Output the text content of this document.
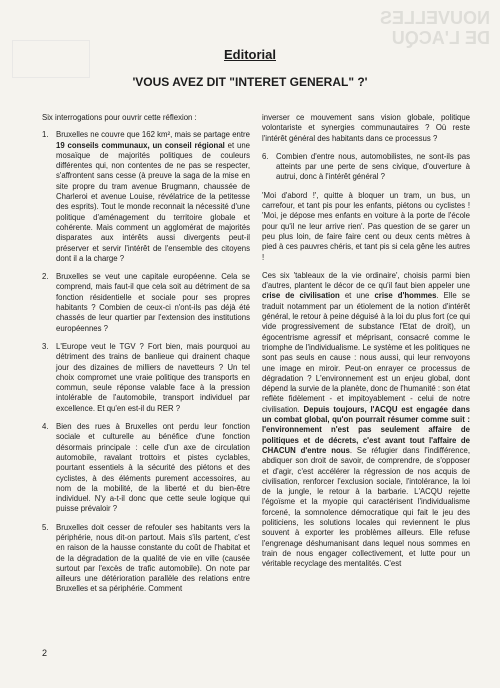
NOUVELLES
DE L'ACQU
Editorial
'VOUS AVEZ DIT "INTERET GENERAL" ?'

Six interrogations pour ouvrir cette réflexion :

1. Bruxelles ne couvre que 162 km², mais se partage entre 19 conseils communaux, un conseil régional et une mosaïque de majorités politiques de couleurs différentes qui, non contentes de ne pas se respecter, s'affrontent sans cesse (à preuve la saga de la mise en site propre du tram avenue Brugmann, chaussée de Charleroi et avenue Louise, révélatrice de la petitesse des esprits). Tout le monde reconnait la nécessité d'une politique d'aménagement du territoire globale et cohérente. Mais comment un agglomérat de majorités disparates aux intérêts aussi divergents peut-il préserver et servir l'intérêt de l'ensemble des citoyens dont il a la charge ?
2. Bruxelles se veut une capitale européenne. Cela se comprend, mais faut-il que cela soit au détriment de sa fonction résidentielle et sociale pour ses propres habitants ? Combien de ceux-ci n'ont-ils pas déjà été chassés de leur quartier par l'extension des institutions européennes ?
3. L'Europe veut le TGV ? Fort bien, mais pourquoi au détriment des trains de banlieue qui drainent chaque jour des dizaines de milliers de navetteurs ? Un tel choix compromet une vraie politique des transports en commun, seule réponse valable face à la pression intolérable de l'automobile, transport individuel par excellence. Et qu'en est-il du RER ?
4. Bien des rues à Bruxelles ont perdu leur fonction sociale et culturelle au bénéfice d'une fonction désormais principale : celle d'un axe de circulation automobile, ravalant trottoirs et pistes cyclables, pourtant essentiels à la sécurité des piétons et des cyclistes, à des éléments purement accessoires, au nom de la mobilité, de la liberté et du bien-être individuel. N'y a-t-il donc que cette seule logique qui puisse prévaloir ?
5. Bruxelles doit cesser de refouler ses habitants vers la périphérie, nous dit-on partout. Mais s'ils partent, c'est en raison de la hausse constante du coût de l'habitat et de la dégradation de la qualité de vie en ville (causée surtout par l'excès de trafic automobile). On note par ailleurs une détérioration parallèle des relations entre Bruxelles et sa périphérie. Comment

inverser ce mouvement sans vision globale, politique volontariste et synergies communautaires ? Où reste l'intérêt général des habitants dans ce processus ?

6. Combien d'entre nous, automobilistes, ne sont-ils pas atteints par une perte de sens civique, d'ouverture à autrui, donc à l'intérêt général ?

'Moi d'abord !', quitte à bloquer un tram, un bus, un carrefour, et tant pis pour les enfants, piétons ou cyclistes ! 'Moi, je dépose mes enfants en voiture à la porte de l'école pour qu'il ne leur arrive rien'. Pas question de se garer un peu plus loin, de faire faire cent ou deux cents mètres à pied à ces pauvres chéris, et tant pis si cela gêne les autres !

Ces six 'tableaux de la vie ordinaire', choisis parmi bien d'autres, plantent le décor de ce qu'il faut bien appeler une crise de civilisation et une crise d'hommes. Elle se traduit notamment par un étiolement de la notion d'intérêt général, le retour à peine déguisé à la loi du plus fort (ce qui vide progressivement de substance l'Etat de droit), un égocentrisme agressif et méprisant, consacré comme le triomphe de l'individualisme. Le système et les politiques ne sont pas seuls en cause : nous aussi, qui leur renvoyons une image en miroir. Peut-on enrayer ce processus de dégradation ? L'environnement est un enjeu global, dont dépend la survie de la planète, donc de l'humanité : son état reflète fidèlement - et impitoyablement - celui de notre civilisation. Depuis toujours, l'ACQU est engagée dans un combat global, qu'on pourrait résumer comme suit : l'environnement n'est pas seulement affaire de politiques et de décrets, c'est avant tout l'affaire de CHACUN d'entre nous. Se réfugier dans l'indifférence, abdiquer son droit de savoir, de comprendre, de s'opposer et d'agir, c'est accélérer la régression de nos acquis de civilisation, renforcer l'exclusion sociale, l'intolérance, la loi de la jungle, le retour à la barbarie. L'ACQU rejette l'égoïsme et la myopie qui caractérisent l'individualisme forcené, la somnolence démocratique qui fait le jeu des politiciens, les solutions locales qui reviennent le plus souvent à exporter les problèmes ailleurs. Elle refuse l'engrenage déshumanisant dans lequel nous sommes en train de nous engager collectivement, et lutte pour un véritable recyclage des mentalités. C'est

2
